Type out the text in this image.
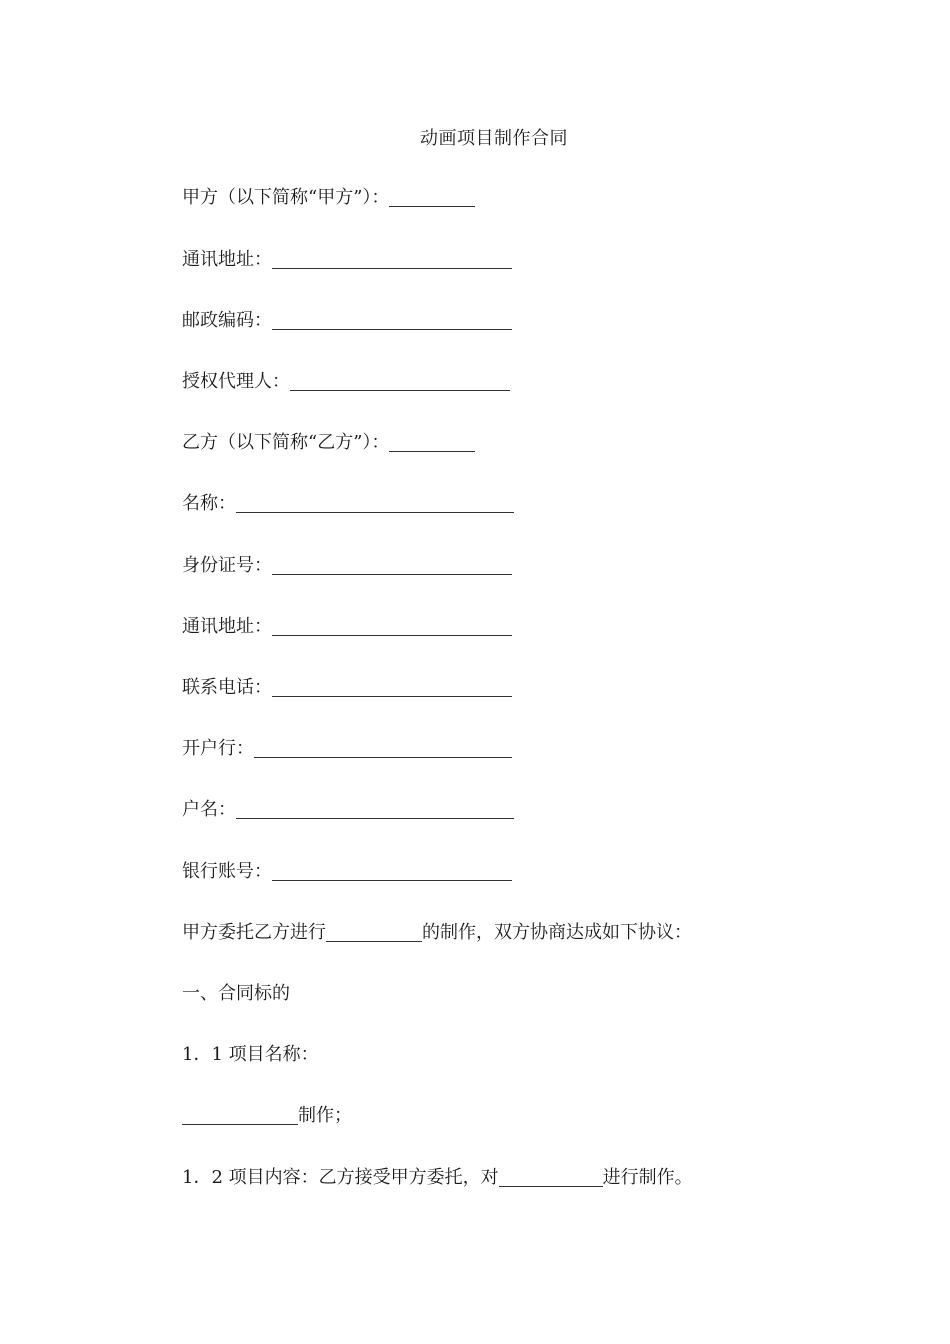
动画项目制作合同
甲方（以下简称“甲方”）：
通讯地址：
邮政编码：
授权代理人：
乙方（以下简称“乙方”）：
名称：
身份证号：
通讯地址：
联系电话：
开户行：
户名：
银行账号：
甲方委托乙方进行	的制作，双方协商达成如下协议：
一、合同标的
1．1 项目名称：
制作；
1．2 项目内容：乙方接受甲方委托，对	进行制作。
